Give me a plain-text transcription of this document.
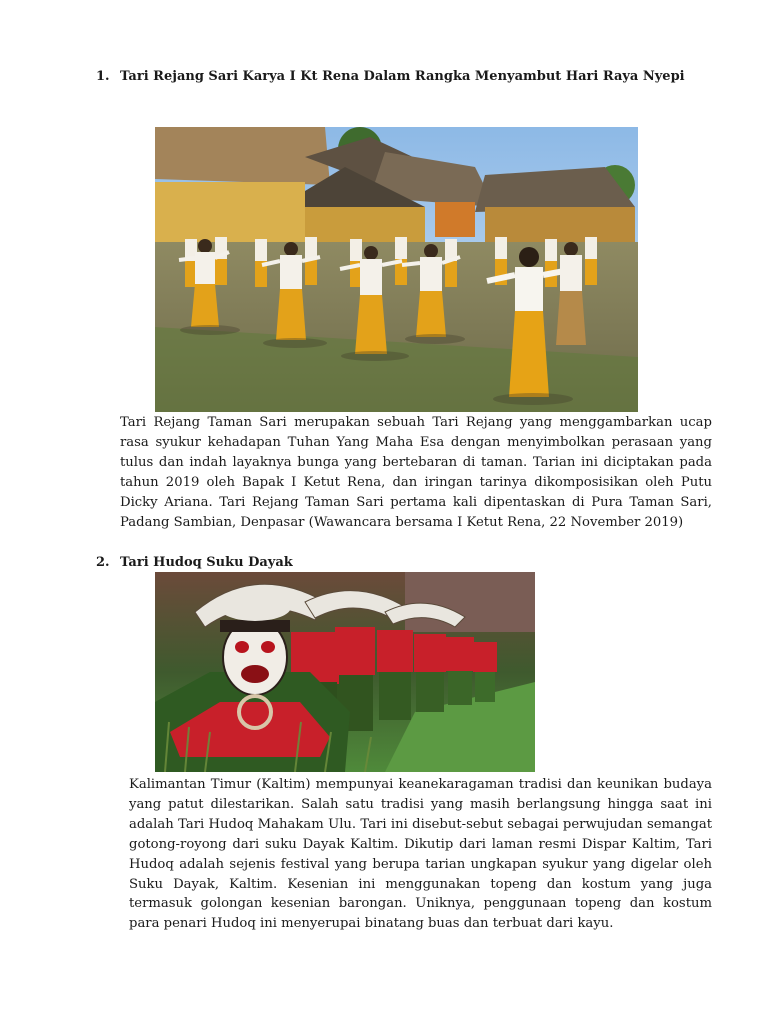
1. Tari Rejang Sari Karya I Kt Rena Dalam Rangka Menyambut Hari Raya Nyepi

Tari Rejang Taman Sari merupakan sebuah Tari Rejang yang menggambarkan ucap rasa syukur kehadapan Tuhan Yang Maha Esa dengan menyimbolkan perasaan yang tulus dan indah layaknya bunga yang bertebaran di taman. Tarian ini diciptakan pada tahun 2019 oleh Bapak I Ketut Rena, dan iringan tarinya dikomposisikan oleh Putu Dicky Ariana. Tari Rejang Taman Sari pertama kali dipentaskan di Pura Taman Sari, Padang Sambian, Denpasar (Wawancara bersama I Ketut Rena, 22 November 2019)

2. Tari Hudoq Suku Dayak

Kalimantan Timur (Kaltim) mempunyai keanekaragaman tradisi dan keunikan budaya yang patut dilestarikan. Salah satu tradisi yang masih berlangsung hingga saat ini adalah Tari Hudoq Mahakam Ulu. Tari ini disebut-sebut sebagai perwujudan semangat gotong-royong dari suku Dayak Kaltim. Dikutip dari laman resmi Dispar Kaltim, Tari Hudoq adalah sejenis festival yang berupa tarian ungkapan syukur yang digelar oleh Suku Dayak, Kaltim. Kesenian ini menggunakan topeng dan kostum yang juga termasuk golongan kesenian barongan. Uniknya, penggunaan topeng dan kostum para penari Hudoq ini menyerupai binatang buas dan terbuat dari kayu.
